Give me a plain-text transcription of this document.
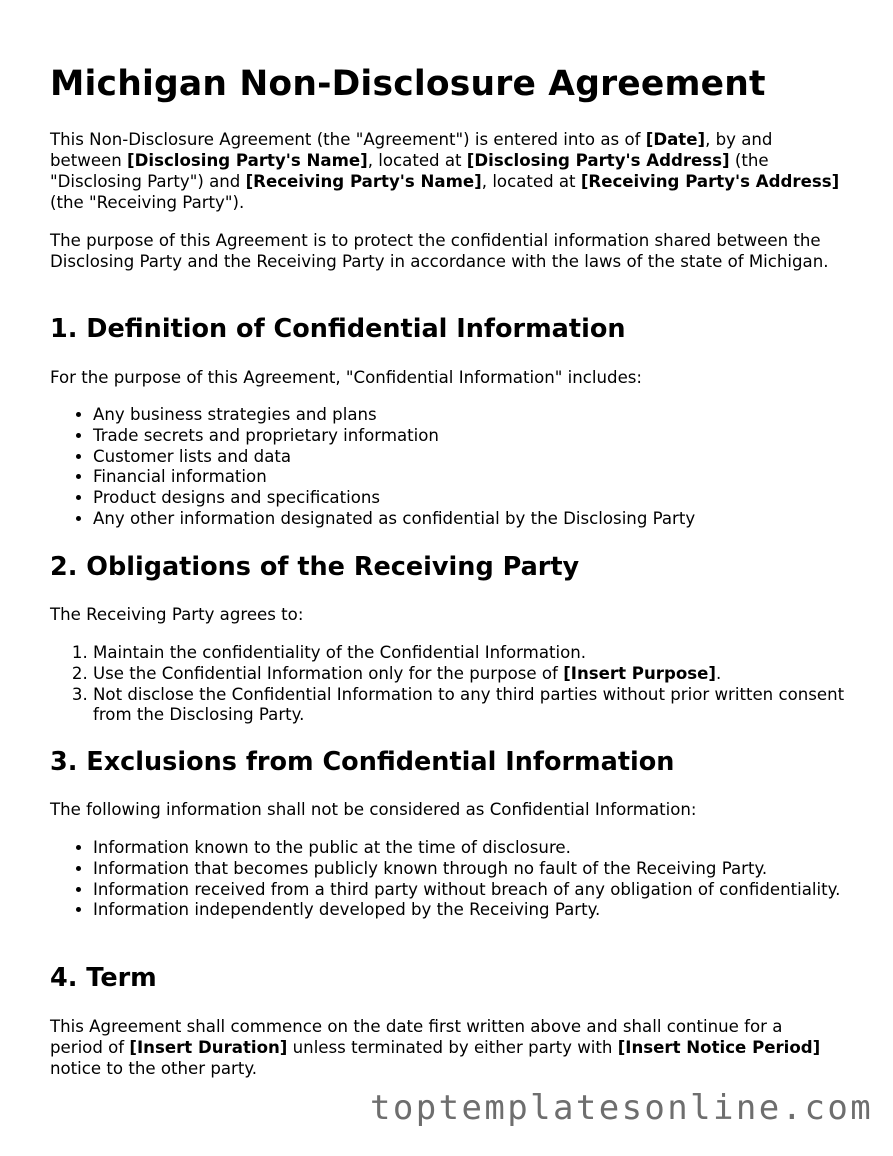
Michigan Non-Disclosure Agreement

This Non-Disclosure Agreement (the "Agreement") is entered into as of [Date], by and between [Disclosing Party's Name], located at [Disclosing Party's Address] (the "Disclosing Party") and [Receiving Party's Name], located at [Receiving Party's Address] (the "Receiving Party").

The purpose of this Agreement is to protect the confidential information shared between the Disclosing Party and the Receiving Party in accordance with the laws of the state of Michigan.

1. Definition of Confidential Information

For the purpose of this Agreement, "Confidential Information" includes:

• Any business strategies and plans
• Trade secrets and proprietary information
• Customer lists and data
• Financial information
• Product designs and specifications
• Any other information designated as confidential by the Disclosing Party
2. Obligations of the Receiving Party

The Receiving Party agrees to:

1. Maintain the confidentiality of the Confidential Information.
2. Use the Confidential Information only for the purpose of [Insert Purpose].
3. Not disclose the Confidential Information to any third parties without prior written consent from the Disclosing Party.
3. Exclusions from Confidential Information

The following information shall not be considered as Confidential Information:

• Information known to the public at the time of disclosure.
• Information that becomes publicly known through no fault of the Receiving Party.
• Information received from a third party without breach of any obligation of confidentiality.
• Information independently developed by the Receiving Party.
4. Term

This Agreement shall commence on the date first written above and shall continue for a period of [Insert Duration] unless terminated by either party with [Insert Notice Period] notice to the other party.

toptemplatesonline.com
